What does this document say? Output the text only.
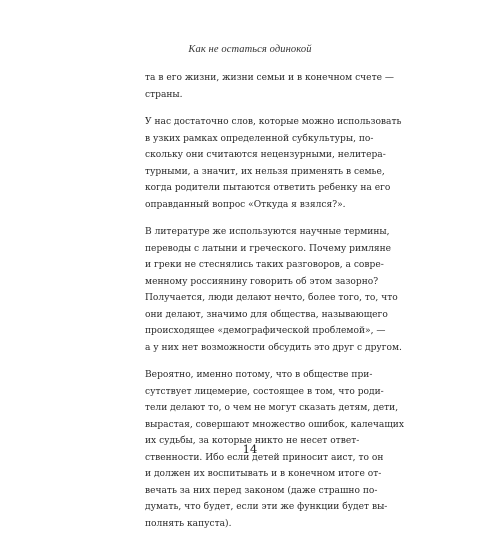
Как не остаться одинокой
та в его жизни, жизни семьи и в конечном счете —
страны.
У нас достаточно слов, которые можно использовать
в узких рамках определенной субкультуры, по-
скольку они считаются нецензурными, нелитера-
турными, а значит, их нельзя применять в семье,
когда родители пытаются ответить ребенку на его
оправданный вопрос «Откуда я взялся?».
В литературе же используются научные термины,
переводы с латыни и греческого. Почему римляне
и греки не стеснялись таких разговоров, а совре-
менному россиянину говорить об этом зазорно?
Получается, люди делают нечто, более того, то, что
они делают, значимо для общества, называющего
происходящее «демографической проблемой», —
а у них нет возможности обсудить это друг с другом.
Вероятно, именно потому, что в обществе при-
сутствует лицемерие, состоящее в том, что роди-
тели делают то, о чем не могут сказать детям, дети,
вырастая, совершают множество ошибок, калечащих
их судьбы, за которые никто не несет ответ-
ственности. Ибо если детей приносит аист, то он
и должен их воспитывать и в конечном итоге от-
вечать за них перед законом (даже страшно по-
думать, что будет, если эти же функции будет вы-
полнять капуста).
14
